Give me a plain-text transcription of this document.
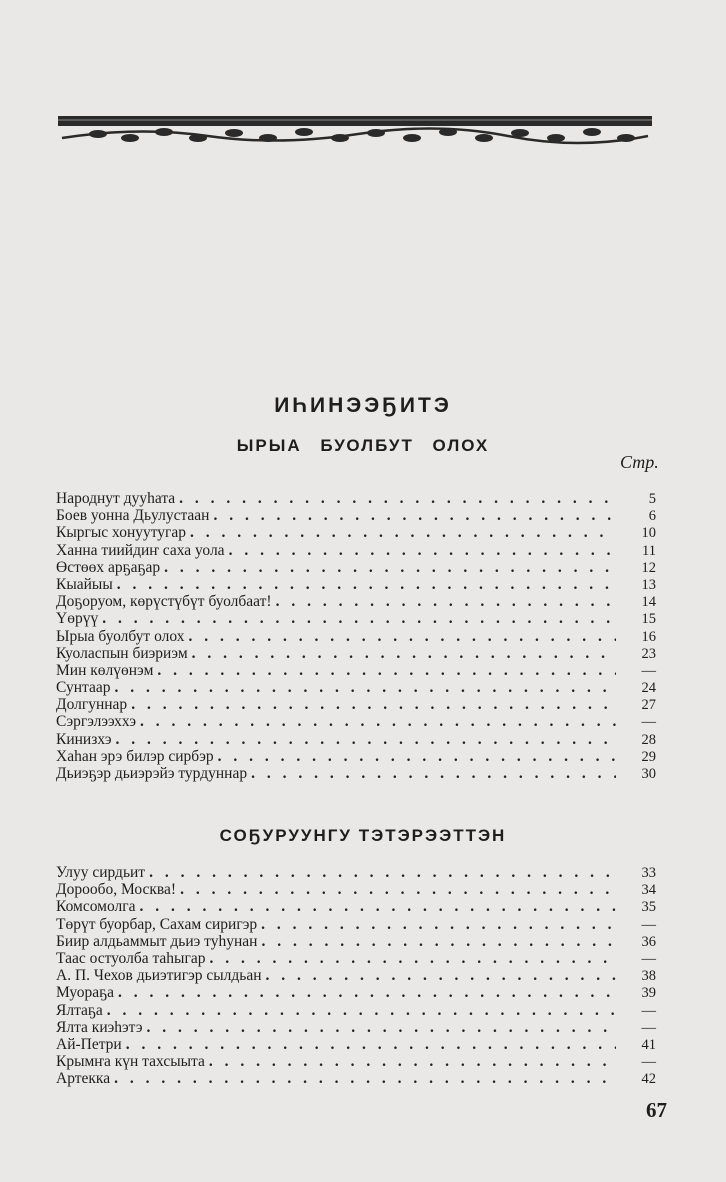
ИҺИНЭЭҔИТЭ
ЫРЫА БУОЛБУТ ОЛОХ
Стр.
Народнут дууһата . . .	5
Боев уонна Дьулустаан . . .	6
Кыргыс хонуутугар . . .	10
Ханна тиийдиҥ саха уола . . .	11
Өстөөх арҕаҕар . . .	12
Кыайыы . . .	13
Доҕоруом, көрүстүбүт буолбаат! . . .	14
Үөрүү . . .	15
Ырыа буолбут олох . . .	16
Куоласпын биэриэм . . .	23
Мин көлүөнэм . . .	—
Сунтаар . . .	24
Долгуннар . . .	27
Сэргэлээххэ . . .	—
Кинизхэ . . .	28
Хаһан эрэ билэр сирбэр . . .	29
Дьиэҕэр дьиэрэйэ турдуннар . . .	30
СОҔУРУУНГУ ТЭТЭРЭЭТТЭН
Улуу сирдьит . . .	33
Дорообо, Москва! . . .	34
Комсомолга . . .	35
Төрүт буорбар, Сахам сиригэр . . .	—
Биир алдьаммыт дьиэ туһунан . . .	36
Таас остуолба таһыгар . . .	—
А. П. Чехов дьиэтигэр сылдьан . . .	38
Муораҕа . . .	39
Ялтаҕа . . .	—
Ялта киэһэтэ . . .	—
Ай-Петри . . .	41
Крымҥа күн тахсыыта . . .	—
Артекка . . .	42
67
